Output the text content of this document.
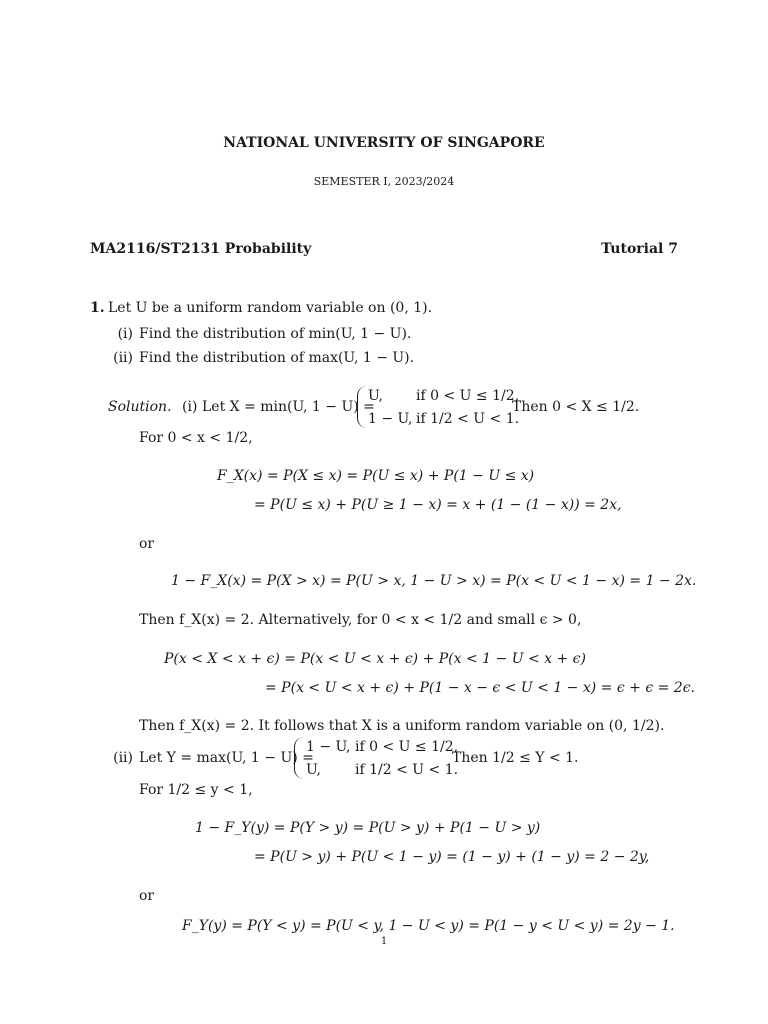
NATIONAL UNIVERSITY OF SINGAPORE
SEMESTER I, 2023/2024
MA2116/ST2131 Probability	Tutorial 7
1. Let U be a uniform random variable on (0, 1).
(i) Find the distribution of min(U, 1 − U).
(ii) Find the distribution of max(U, 1 − U).
Solution. (i) Let X = min(U, 1 − U) =
U, if 0 < U ≤ 1/2,
1 − U, if 1/2 < U < 1.
Then 0 < X ≤ 1/2.
For 0 < x < 1/2,
F_X(x) = P(X ≤ x) = P(U ≤ x) + P(1 − U ≤ x)
= P(U ≤ x) + P(U ≥ 1 − x) = x + (1 − (1 − x)) = 2x,
or
1 − F_X(x) = P(X > x) = P(U > x, 1 − U > x) = P(x < U < 1 − x) = 1 − 2x.
Then f_X(x) = 2. Alternatively, for 0 < x < 1/2 and small ϵ > 0,
P(x < X < x + ϵ) = P(x < U < x + ϵ) + P(x < 1 − U < x + ϵ)
= P(x < U < x + ϵ) + P(1 − x − ϵ < U < 1 − x) = ϵ + ϵ = 2ϵ.
Then f_X(x) = 2. It follows that X is a uniform random variable on (0, 1/2).
(ii) Let Y = max(U, 1 − U) =
1 − U, if 0 < U ≤ 1/2,
U, if 1/2 < U < 1.
Then 1/2 ≤ Y < 1.
For 1/2 ≤ y < 1,
1 − F_Y(y) = P(Y > y) = P(U > y) + P(1 − U > y)
= P(U > y) + P(U < 1 − y) = (1 − y) + (1 − y) = 2 − 2y,
or
F_Y(y) = P(Y < y) = P(U < y, 1 − U < y) = P(1 − y < U < y) = 2y − 1.
1
